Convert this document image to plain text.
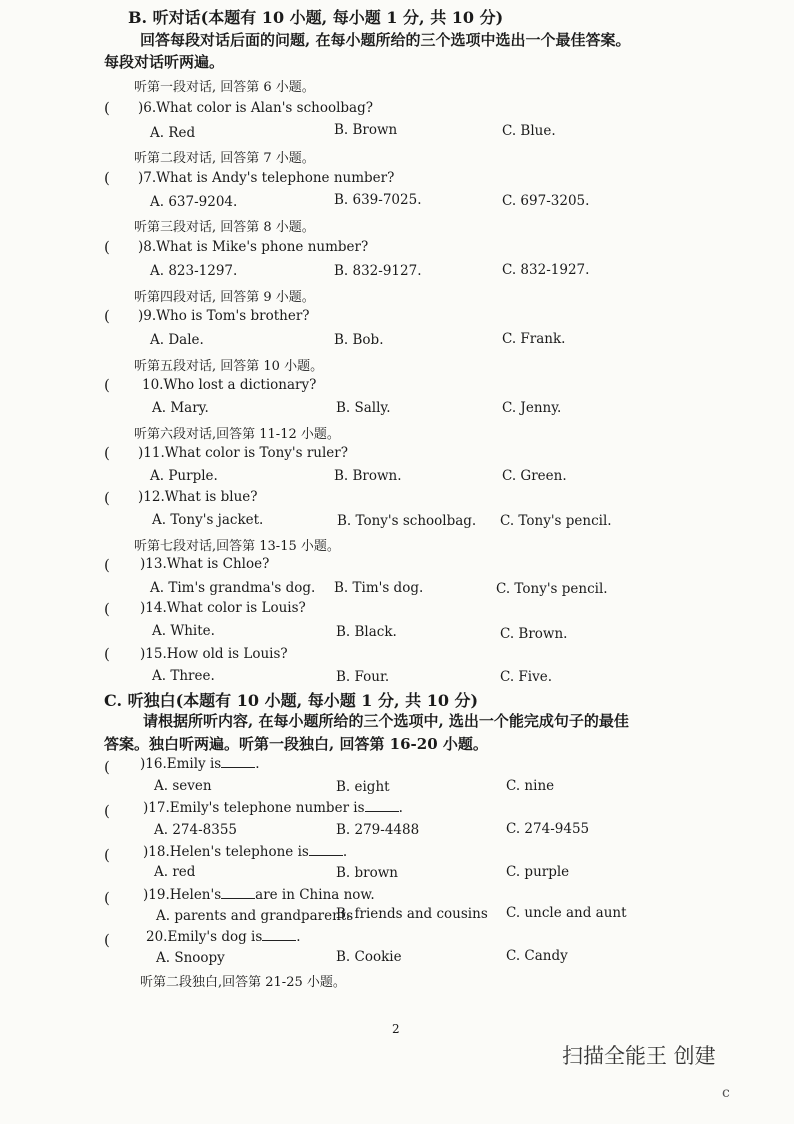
B. 听对话(本题有 10 小题, 每小题 1 分, 共 10 分)
回答每段对话后面的问题, 在每小题所给的三个选项中选出一个最佳答案。
每段对话听两遍。
听第一段对话, 回答第 6 小题。
( )6.What color is Alan's schoolbag?
A. Red	B. Brown	C. Blue.
听第二段对话, 回答第 7 小题。
( )7.What is Andy's telephone number?
A. 637-9204.	B. 639-7025.	C. 697-3205.
听第三段对话, 回答第 8 小题。
( )8.What is Mike's phone number?
A. 823-1297.	B. 832-9127.	C. 832-1927.
听第四段对话, 回答第 9 小题。
( )9.Who is Tom's brother?
A. Dale.	B. Bob.	C. Frank.
听第五段对话, 回答第 10 小题。
( 10.Who lost a dictionary?
A. Mary.	B. Sally.	C. Jenny.
听第六段对话,回答第 11-12 小题。
( )11.What color is Tony's ruler?
A. Purple.	B. Brown.	C. Green.
( )12.What is blue?
A. Tony's jacket.	B. Tony's schoolbag. C. Tony's pencil.
听第七段对话,回答第 13-15 小题。
( )13.What is Chloe?
A. Tim's grandma's dog. B. Tim's dog.	C. Tony's pencil.
( )14.What color is Louis?
A. White.	B. Black.	C. Brown.
( )15.How old is Louis?
A. Three.	B. Four.	C. Five.
C. 听独白(本题有 10 小题, 每小题 1 分, 共 10 分)
请根据所听内容, 在每小题所给的三个选项中, 选出一个能完成句子的最佳
答案。独白听两遍。听第一段独白, 回答第 16-20 小题。
( )16.Emily is	.
A. seven	B. eight	C. nine
( )17.Emily's telephone number is	.
A. 274-8355	B. 279-4488	C. 274-9455
( )18.Helen's telephone is	.
A. red	B. brown	C. purple
( )19.Helen's	are in China now.
A. parents and grandparents
B. friends and cousins C. uncle and aunt
(	20.Emily's dog is	.
A. Snoopy	B. Cookie	C. Candy
听第二段独白,回答第 21-25 小题。
2
扫描全能王 创建
с
